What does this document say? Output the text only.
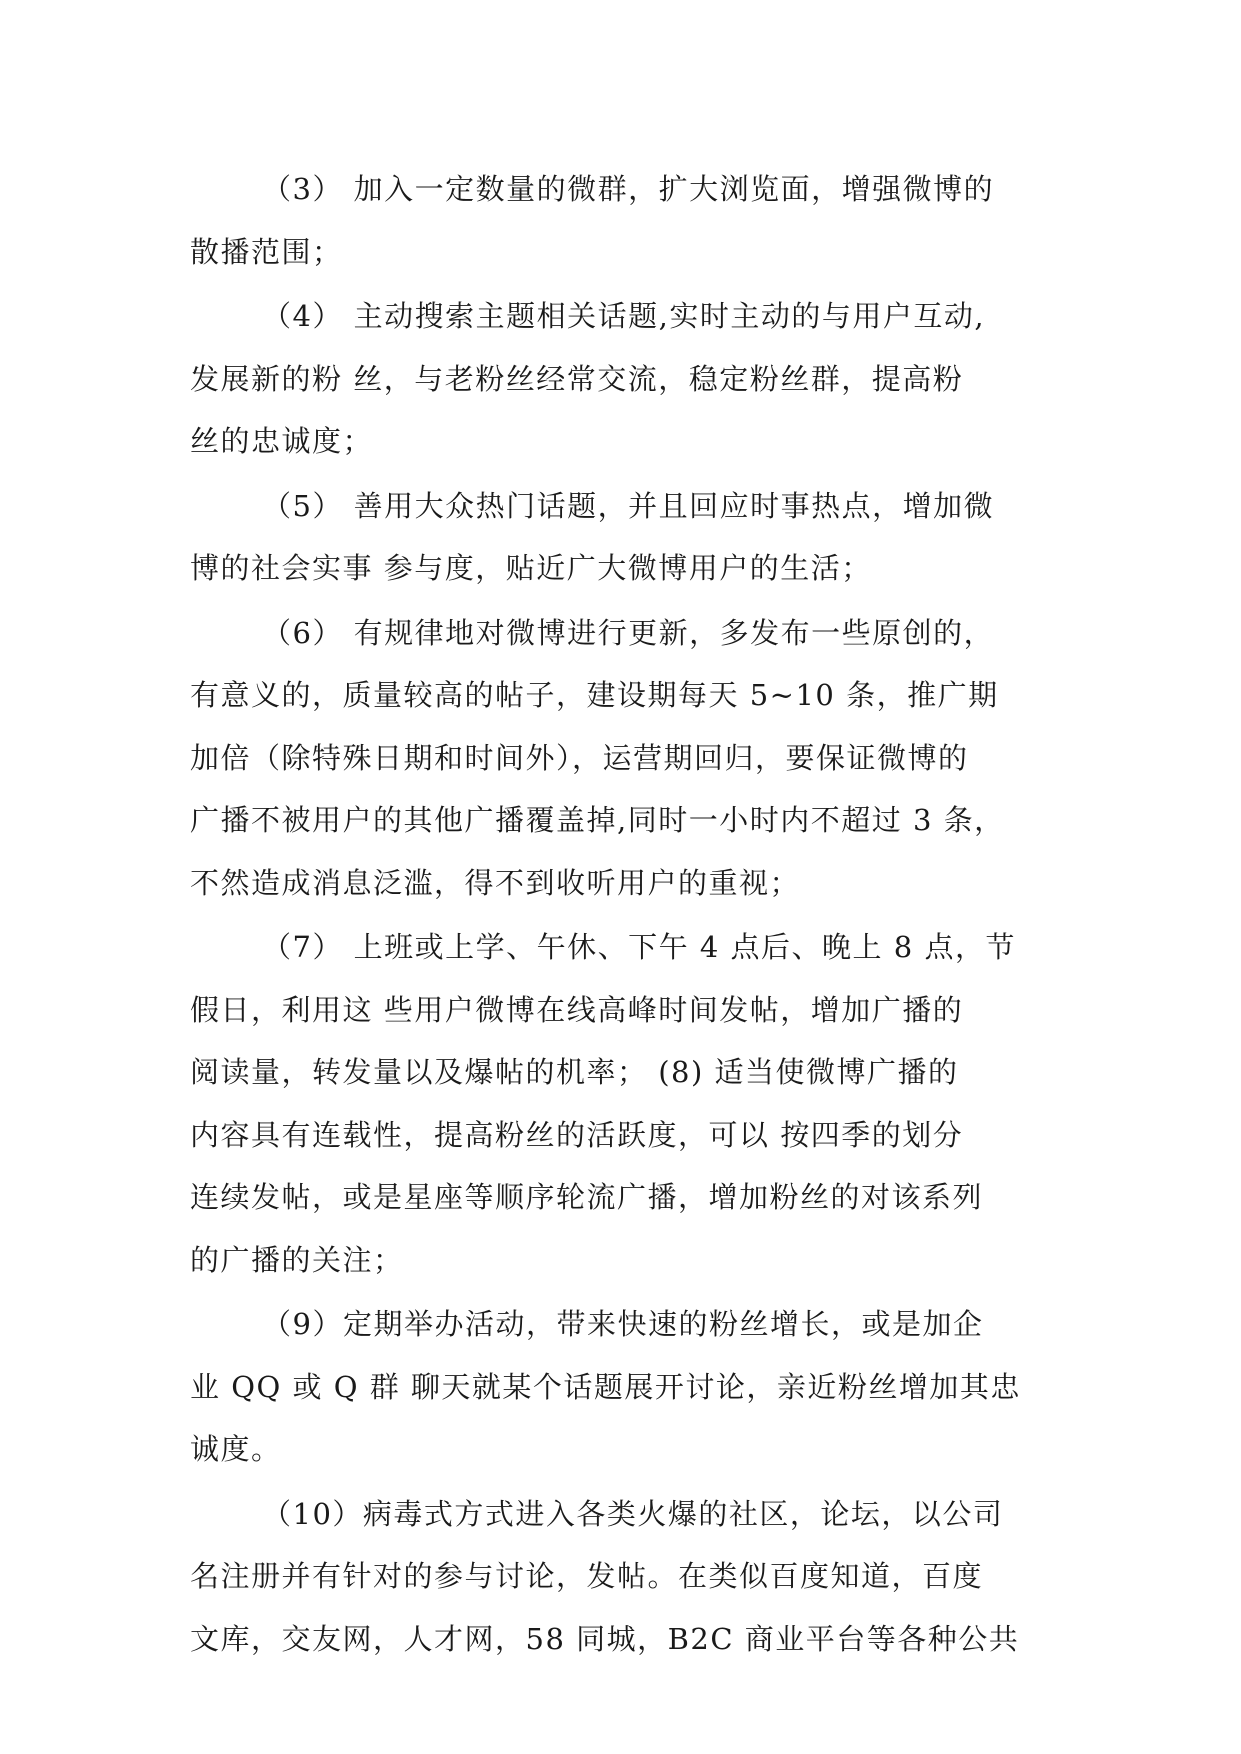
（3） 加入一定数量的微群，扩大浏览面，增强微博的
散播范围；

（4） 主动搜索主题相关话题,实时主动的与用户互动,
发展新的粉 丝，与老粉丝经常交流，稳定粉丝群，提高粉
丝的忠诚度；

（5） 善用大众热门话题，并且回应时事热点，增加微
博的社会实事 参与度，贴近广大微博用户的生活；

（6） 有规律地对微博进行更新，多发布一些原创的，
有意义的，质量较高的帖子，建设期每天 5~10 条，推广期
加倍（除特殊日期和时间外），运营期回归，要保证微博的
广播不被用户的其他广播覆盖掉,同时一小时内不超过 3 条，
不然造成消息泛滥，得不到收听用户的重视；

（7） 上班或上学、午休、下午 4 点后、晚上 8 点，节
假日，利用这 些用户微博在线高峰时间发帖，增加广播的
阅读量，转发量以及爆帖的机率； (8) 适当使微博广播的
内容具有连载性，提高粉丝的活跃度，可以 按四季的划分
连续发帖，或是星座等顺序轮流广播，增加粉丝的对该系列
的广播的关注；

（9）定期举办活动，带来快速的粉丝增长，或是加企
业 QQ 或 Q 群 聊天就某个话题展开讨论，亲近粉丝增加其忠
诚度。

（10）病毒式方式进入各类火爆的社区，论坛，以公司
名注册并有针对的参与讨论，发帖。在类似百度知道，百度
文库，交友网，人才网，58 同城，B2C 商业平台等各种公共
